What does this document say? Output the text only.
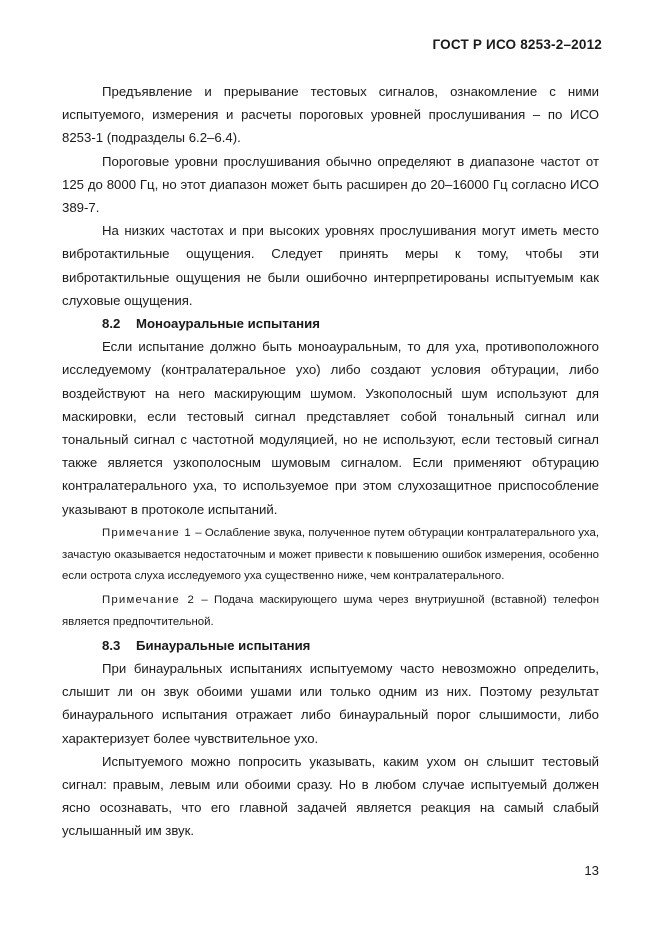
ГОСТ Р ИСО 8253-2–2012

Предъявление и прерывание тестовых сигналов, ознакомление с ними испытуемого, измерения и расчеты пороговых уровней прослушивания – по ИСО 8253-1 (подразделы 6.2–6.4).

Пороговые уровни прослушивания обычно определяют в диапазоне частот от 125 до 8000 Гц, но этот диапазон может быть расширен до 20–16000 Гц согласно ИСО 389-7.

На низких частотах и при высоких уровнях прослушивания могут иметь место вибротактильные ощущения. Следует принять меры к тому, чтобы эти вибротактильные ощущения не были ошибочно интерпретированы испытуемым как слуховые ощущения.

8.2 Моноауральные испытания

Если испытание должно быть моноауральным, то для уха, противоположного исследуемому (контралатеральное ухо) либо создают условия обтурации, либо воздействуют на него маскирующим шумом. Узкополосный шум используют для маскировки, если тестовый сигнал представляет собой тональный сигнал или тональный сигнал с частотной модуляцией, но не используют, если тестовый сигнал также является узкополосным шумовым сигналом. Если применяют обтурацию контралатерального уха, то используемое при этом слухозащитное приспособление указывают в протоколе испытаний.

Примечание 1 – Ослабление звука, полученное путем обтурации контралатерального уха, зачастую оказывается недостаточным и может привести к повышению ошибок измерения, особенно если острота слуха исследуемого уха существенно ниже, чем контралатерального.

Примечание 2 – Подача маскирующего шума через внутриушной (вставной) телефон является предпочтительной.

8.3 Бинауральные испытания

При бинауральных испытаниях испытуемому часто невозможно определить, слышит ли он звук обоими ушами или только одним из них. Поэтому результат бинаурального испытания отражает либо бинауральный порог слышимости, либо характеризует более чувствительное ухо.

Испытуемого можно попросить указывать, каким ухом он слышит тестовый сигнал: правым, левым или обоими сразу. Но в любом случае испытуемый должен ясно осознавать, что его главной задачей является реакция на самый слабый услышанный им звук.

13
